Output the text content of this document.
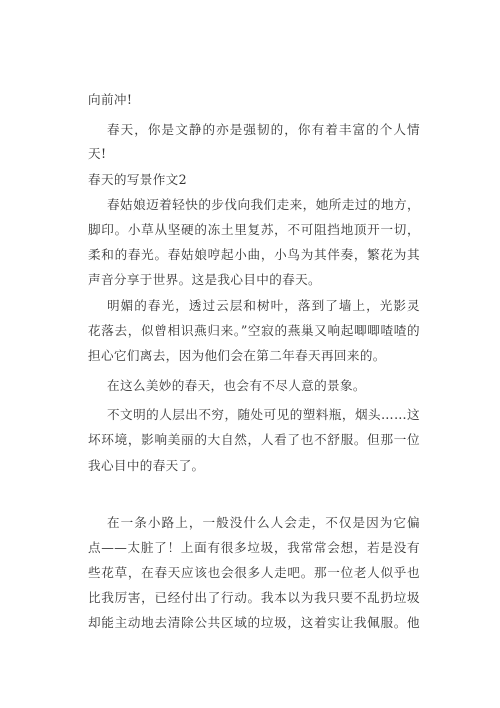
向前冲!
春天，你是文静的亦是强韧的，你有着丰富的个人情
天!
春天的写景作文2
春姑娘迈着轻快的步伐向我们走来，她所走过的地方，
脚印。小草从坚硬的冻土里复苏，不可阻挡地顶开一切，
柔和的春光。春姑娘哼起小曲，小鸟为其伴奏，繁花为其
声音分享于世界。这是我心目中的春天。
明媚的春光，透过云层和树叶，落到了墙上，光影灵
花落去，似曾相识燕归来。”空寂的燕巢又响起唧唧喳喳的
担心它们离去，因为他们会在第二年春天再回来的。
在这么美妙的春天，也会有不尽人意的景象。
不文明的人层出不穷，随处可见的塑料瓶，烟头……这
坏环境，影响美丽的大自然，人看了也不舒服。但那一位
我心目中的春天了。
在一条小路上，一般没什么人会走，不仅是因为它偏
点——太脏了！上面有很多垃圾，我常常会想，若是没有
些花草，在春天应该也会很多人走吧。那一位老人似乎也
比我厉害，已经付出了行动。我本以为我只要不乱扔垃圾
却能主动地去清除公共区域的垃圾，这着实让我佩服。他
